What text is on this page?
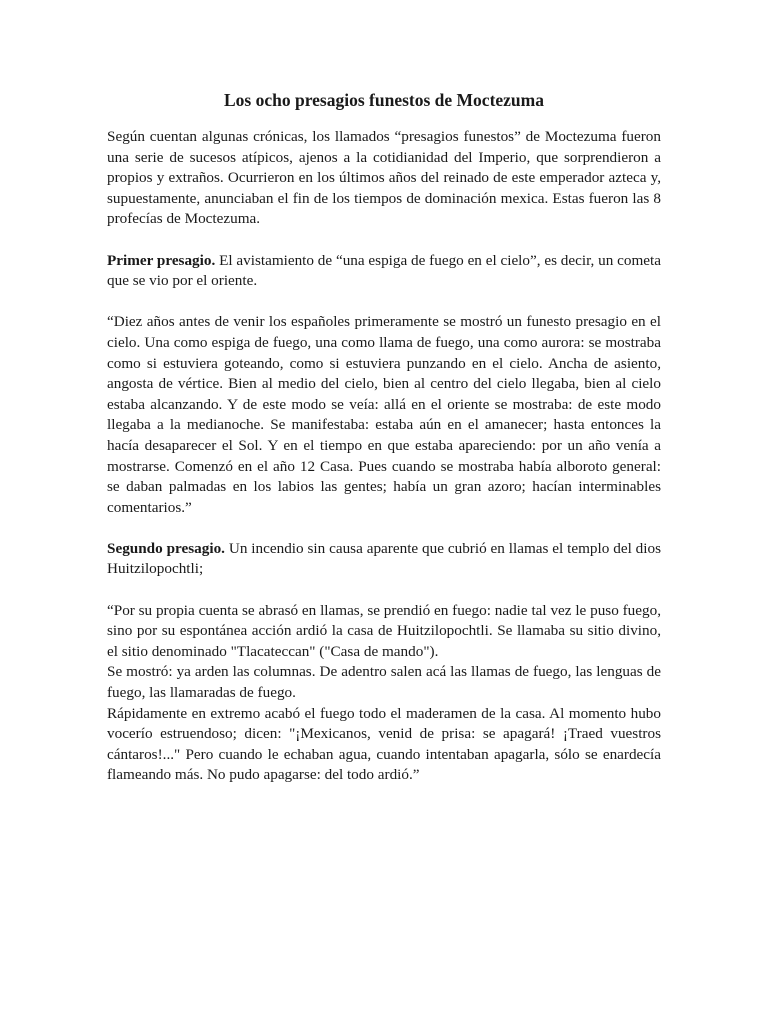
Los ocho presagios funestos de Moctezuma

Según cuentan algunas crónicas, los llamados “presagios funestos” de Moctezuma fueron una serie de sucesos atípicos, ajenos a la cotidianidad del Imperio, que sorprendieron a propios y extraños. Ocurrieron en los últimos años del reinado de este emperador azteca y, supuestamente, anunciaban el fin de los tiempos de dominación mexica. Estas fueron las 8 profecías de Moctezuma.

Primer presagio. El avistamiento de “una espiga de fuego en el cielo”, es decir, un cometa que se vio por el oriente.

“Diez años antes de venir los españoles primeramente se mostró un funesto presagio en el cielo. Una como espiga de fuego, una como llama de fuego, una como aurora: se mostraba como si estuviera goteando, como si estuviera punzando en el cielo. Ancha de asiento, angosta de vértice. Bien al medio del cielo, bien al centro del cielo llegaba, bien al cielo estaba alcanzando. Y de este modo se veía: allá en el oriente se mostraba: de este modo llegaba a la medianoche. Se manifestaba: estaba aún en el amanecer; hasta entonces la hacía desaparecer el Sol. Y en el tiempo en que estaba apareciendo: por un año venía a mostrarse. Comenzó en el año 12 Casa. Pues cuando se mostraba había alboroto general: se daban palmadas en los labios las gentes; había un gran azoro; hacían interminables comentarios.”

Segundo presagio. Un incendio sin causa aparente que cubrió en llamas el templo del dios Huitzilopochtli;

“Por su propia cuenta se abrasó en llamas, se prendió en fuego: nadie tal vez le puso fuego, sino por su espontánea acción ardió la casa de Huitzilopochtli. Se llamaba su sitio divino, el sitio denominado "Tlacateccan" ("Casa de mando").

Se mostró: ya arden las columnas. De adentro salen acá las llamas de fuego, las lenguas de fuego, las llamaradas de fuego.

Rápidamente en extremo acabó el fuego todo el maderamen de la casa. Al momento hubo vocerío estruendoso; dicen: "¡Mexicanos, venid de prisa: se apagará! ¡Traed vuestros cántaros!..." Pero cuando le echaban agua, cuando intentaban apagarla, sólo se enardecía flameando más. No pudo apagarse: del todo ardió.”
